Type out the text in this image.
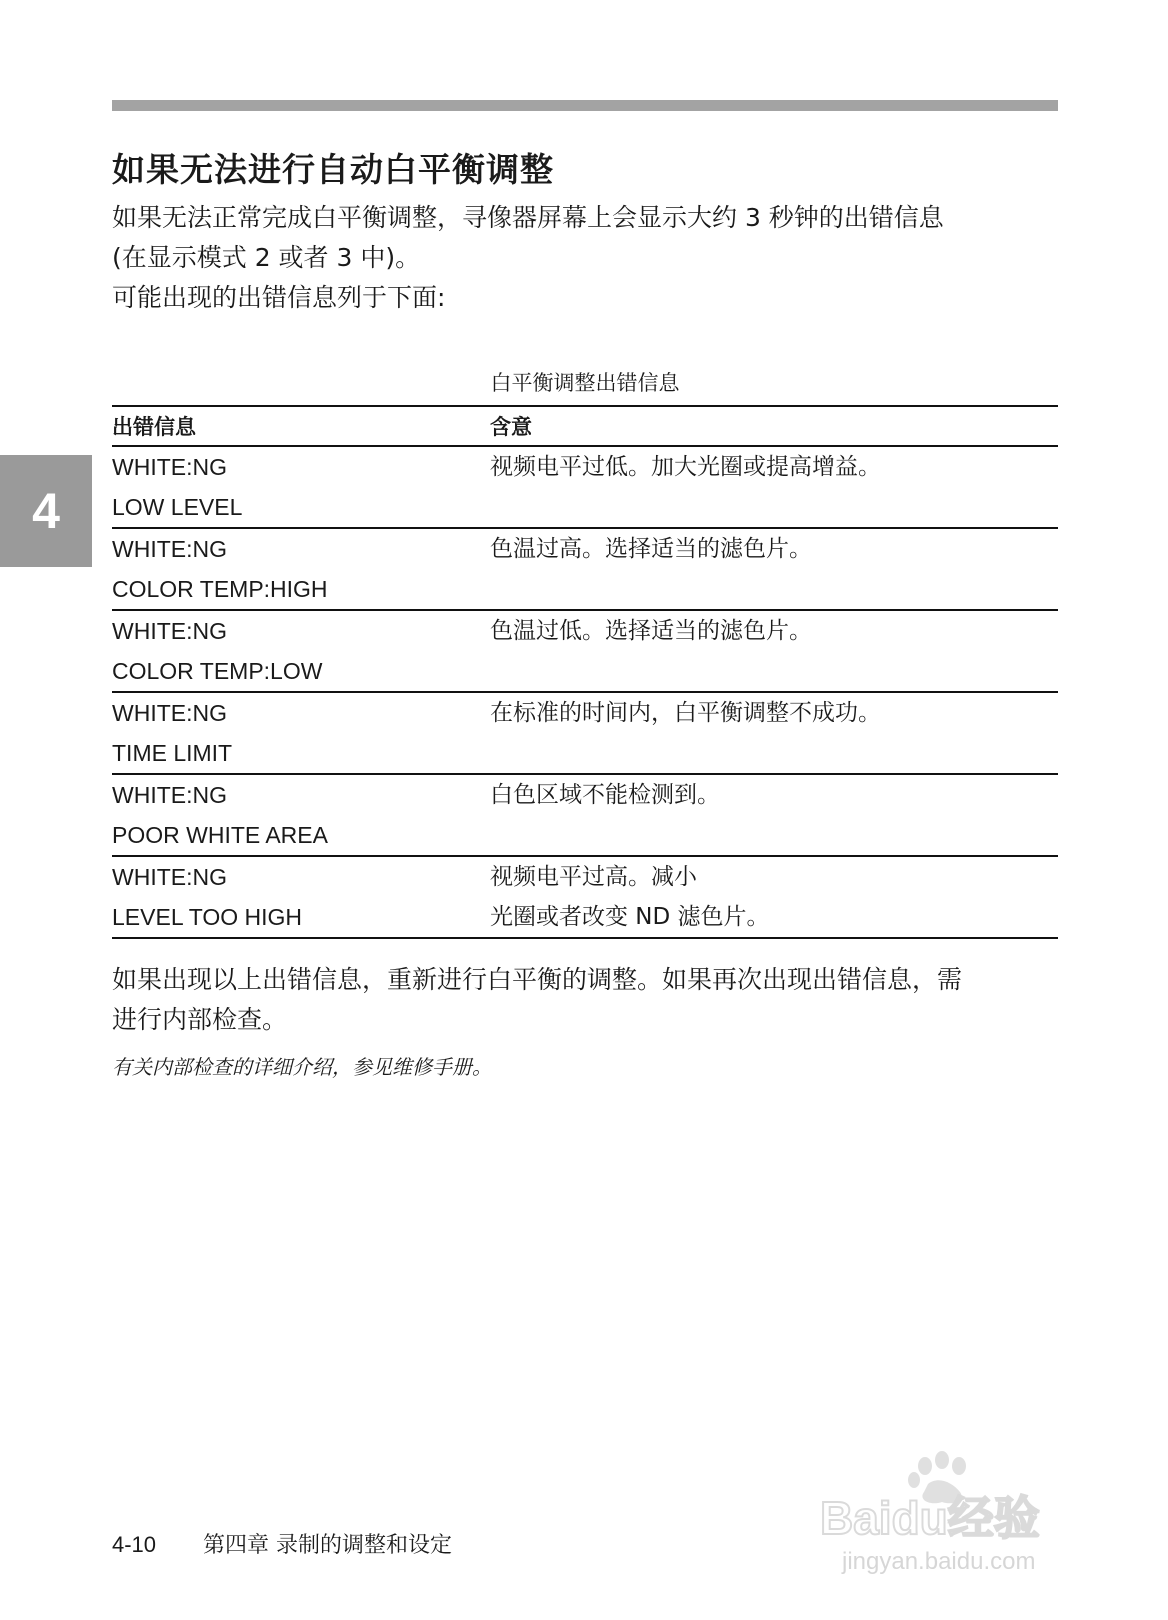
4
如果无法进行自动白平衡调整

如果无法正常完成白平衡调整，寻像器屏幕上会显示大约 3 秒钟的出错信息

(在显示模式 2 或者 3 中)。

可能出现的出错信息列于下面:

白平衡调整出错信息
出错信息	含意

WHITE:NG
LOW LEVEL	视频电平过低。加大光圈或提高增益。

WHITE:NG
COLOR TEMP:HIGH	色温过高。选择适当的滤色片。

WHITE:NG
COLOR TEMP:LOW	色温过低。选择适当的滤色片。

WHITE:NG
TIME LIMIT	在标准的时间内，白平衡调整不成功。

WHITE:NG
POOR WHITE AREA	白色区域不能检测到。

WHITE:NG
LEVEL TOO HIGH	视频电平过高。减小
光圈或者改变 ND 滤色片。
如果出现以上出错信息，重新进行白平衡的调整。如果再次出现出错信息，需
进行内部检查。
有关内部检查的详细介绍，参见维修手册。
4-10 第四章 录制的调整和设定
Baidu经验
jingyan.baidu.com
